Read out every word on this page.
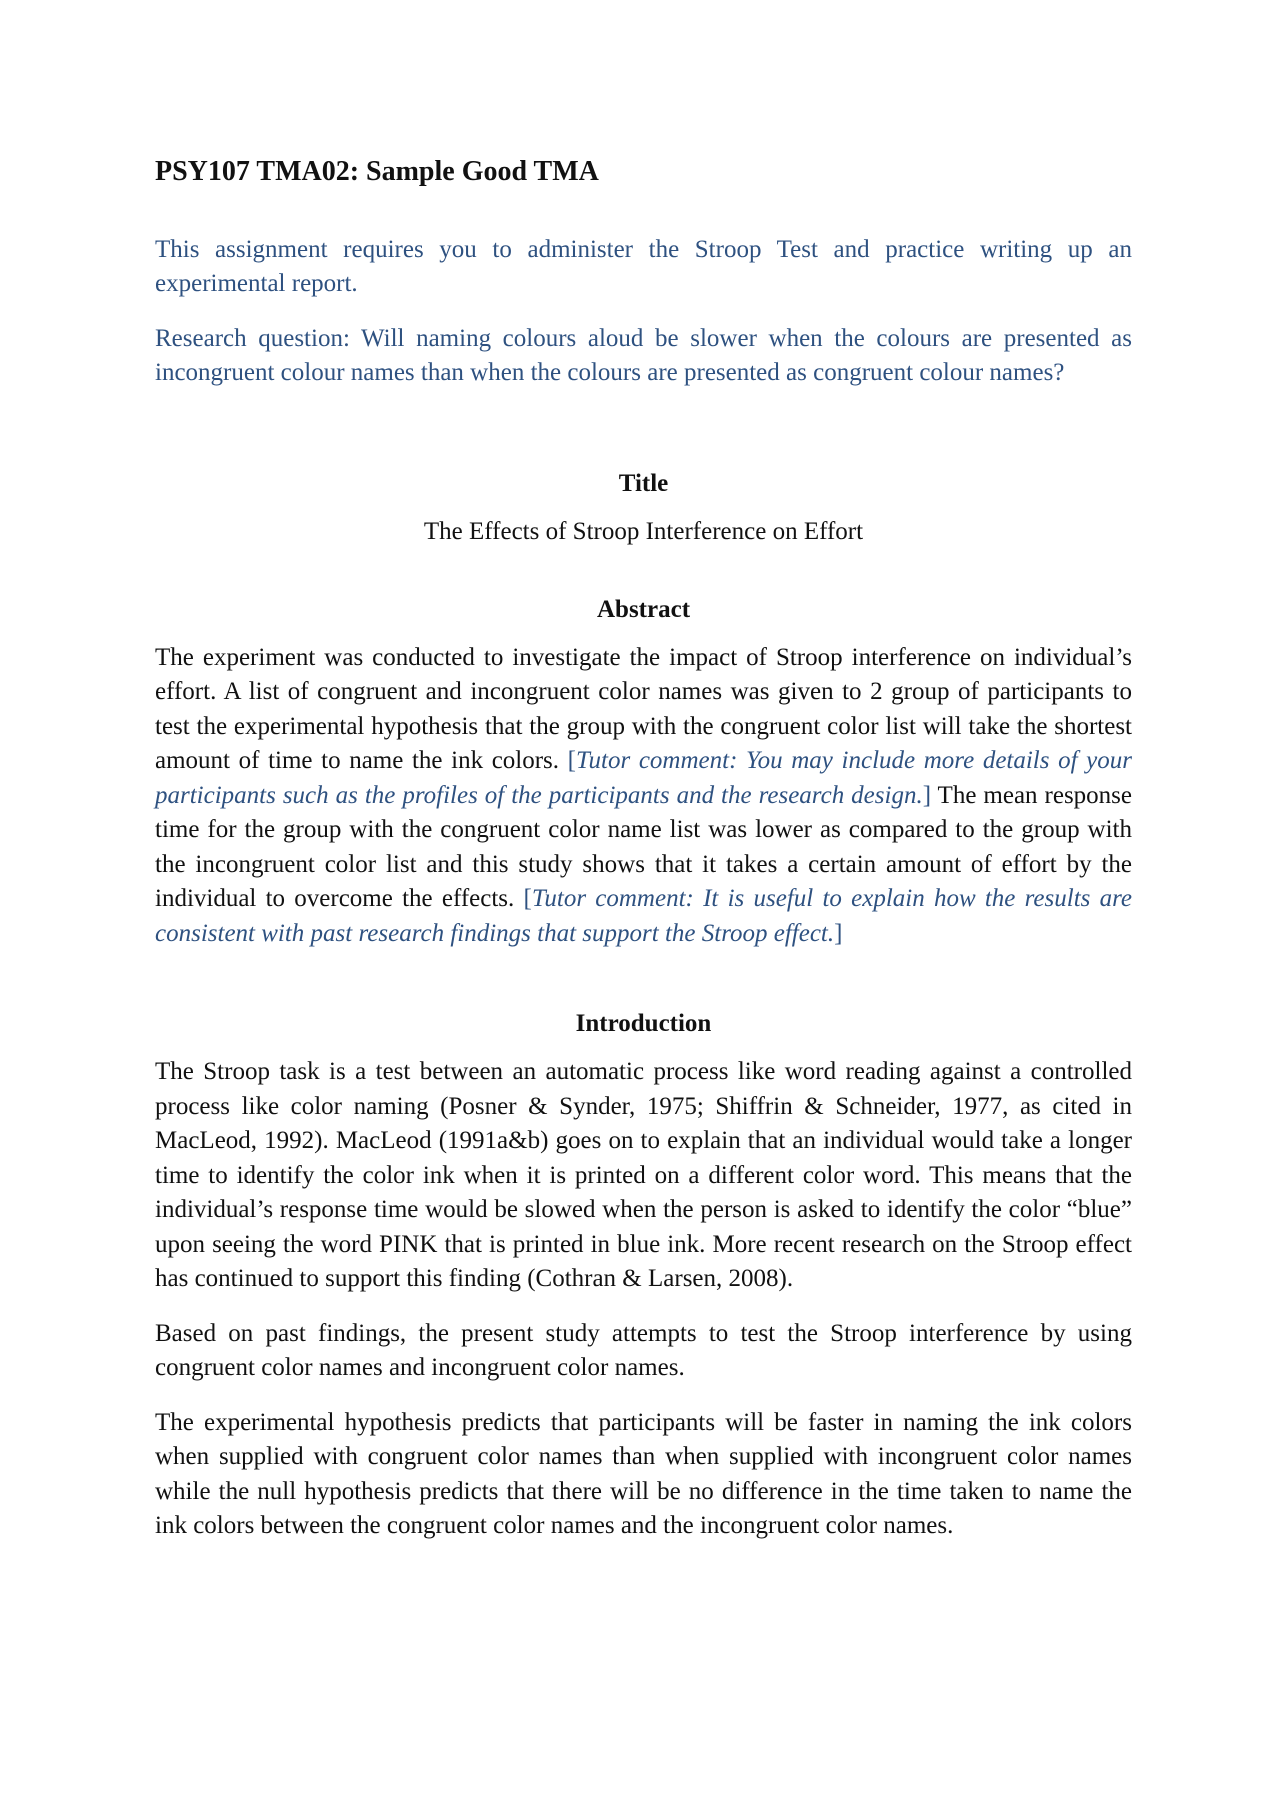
PSY107 TMA02: Sample Good TMA

This assignment requires you to administer the Stroop Test and practice writing up an experimental report.

Research question: Will naming colours aloud be slower when the colours are presented as incongruent colour names than when the colours are presented as congruent colour names?

Title
The Effects of Stroop Interference on Effort
Abstract

The experiment was conducted to investigate the impact of Stroop interference on individual’s effort. A list of congruent and incongruent color names was given to 2 group of participants to test the experimental hypothesis that the group with the congruent color list will take the shortest amount of time to name the ink colors. [Tutor comment: You may include more details of your participants such as the profiles of the participants and the research design.] The mean response time for the group with the congruent color name list was lower as compared to the group with the incongruent color list and this study shows that it takes a certain amount of effort by the individual to overcome the effects. [Tutor comment: It is useful to explain how the results are consistent with past research findings that support the Stroop effect.]

Introduction

The Stroop task is a test between an automatic process like word reading against a controlled process like color naming (Posner & Synder, 1975; Shiffrin & Schneider, 1977, as cited in MacLeod, 1992). MacLeod (1991a&b) goes on to explain that an individual would take a longer time to identify the color ink when it is printed on a different color word. This means that the individual’s response time would be slowed when the person is asked to identify the color “blue” upon seeing the word PINK that is printed in blue ink. More recent research on the Stroop effect has continued to support this finding (Cothran & Larsen, 2008).

Based on past findings, the present study attempts to test the Stroop interference by using congruent color names and incongruent color names.

The experimental hypothesis predicts that participants will be faster in naming the ink colors when supplied with congruent color names than when supplied with incongruent color names while the null hypothesis predicts that there will be no difference in the time taken to name the ink colors between the congruent color names and the incongruent color names.
